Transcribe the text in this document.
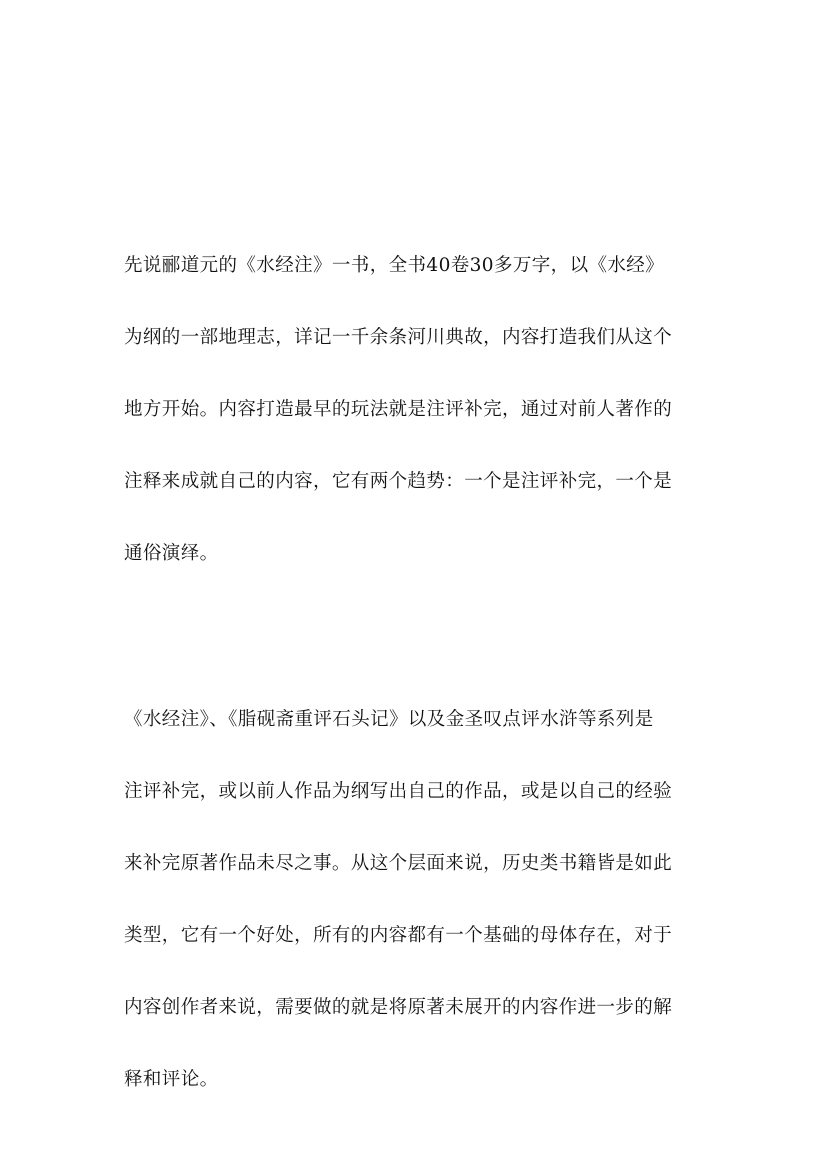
先说郦道元的《水经注》一书，全书40卷30多万字，以《水经》
为纲的一部地理志，详记一千余条河川典故，内容打造我们从这个
地方开始。内容打造最早的玩法就是注评补完，通过对前人著作的
注释来成就自己的内容，它有两个趋势：一个是注评补完，一个是
通俗演绎。

《水经注》、《脂砚斋重评石头记》以及金圣叹点评水浒等系列是
注评补完，或以前人作品为纲写出自己的作品，或是以自己的经验
来补完原著作品未尽之事。从这个层面来说，历史类书籍皆是如此
类型，它有一个好处，所有的内容都有一个基础的母体存在，对于
内容创作者来说，需要做的就是将原著未展开的内容作进一步的解
释和评论。
